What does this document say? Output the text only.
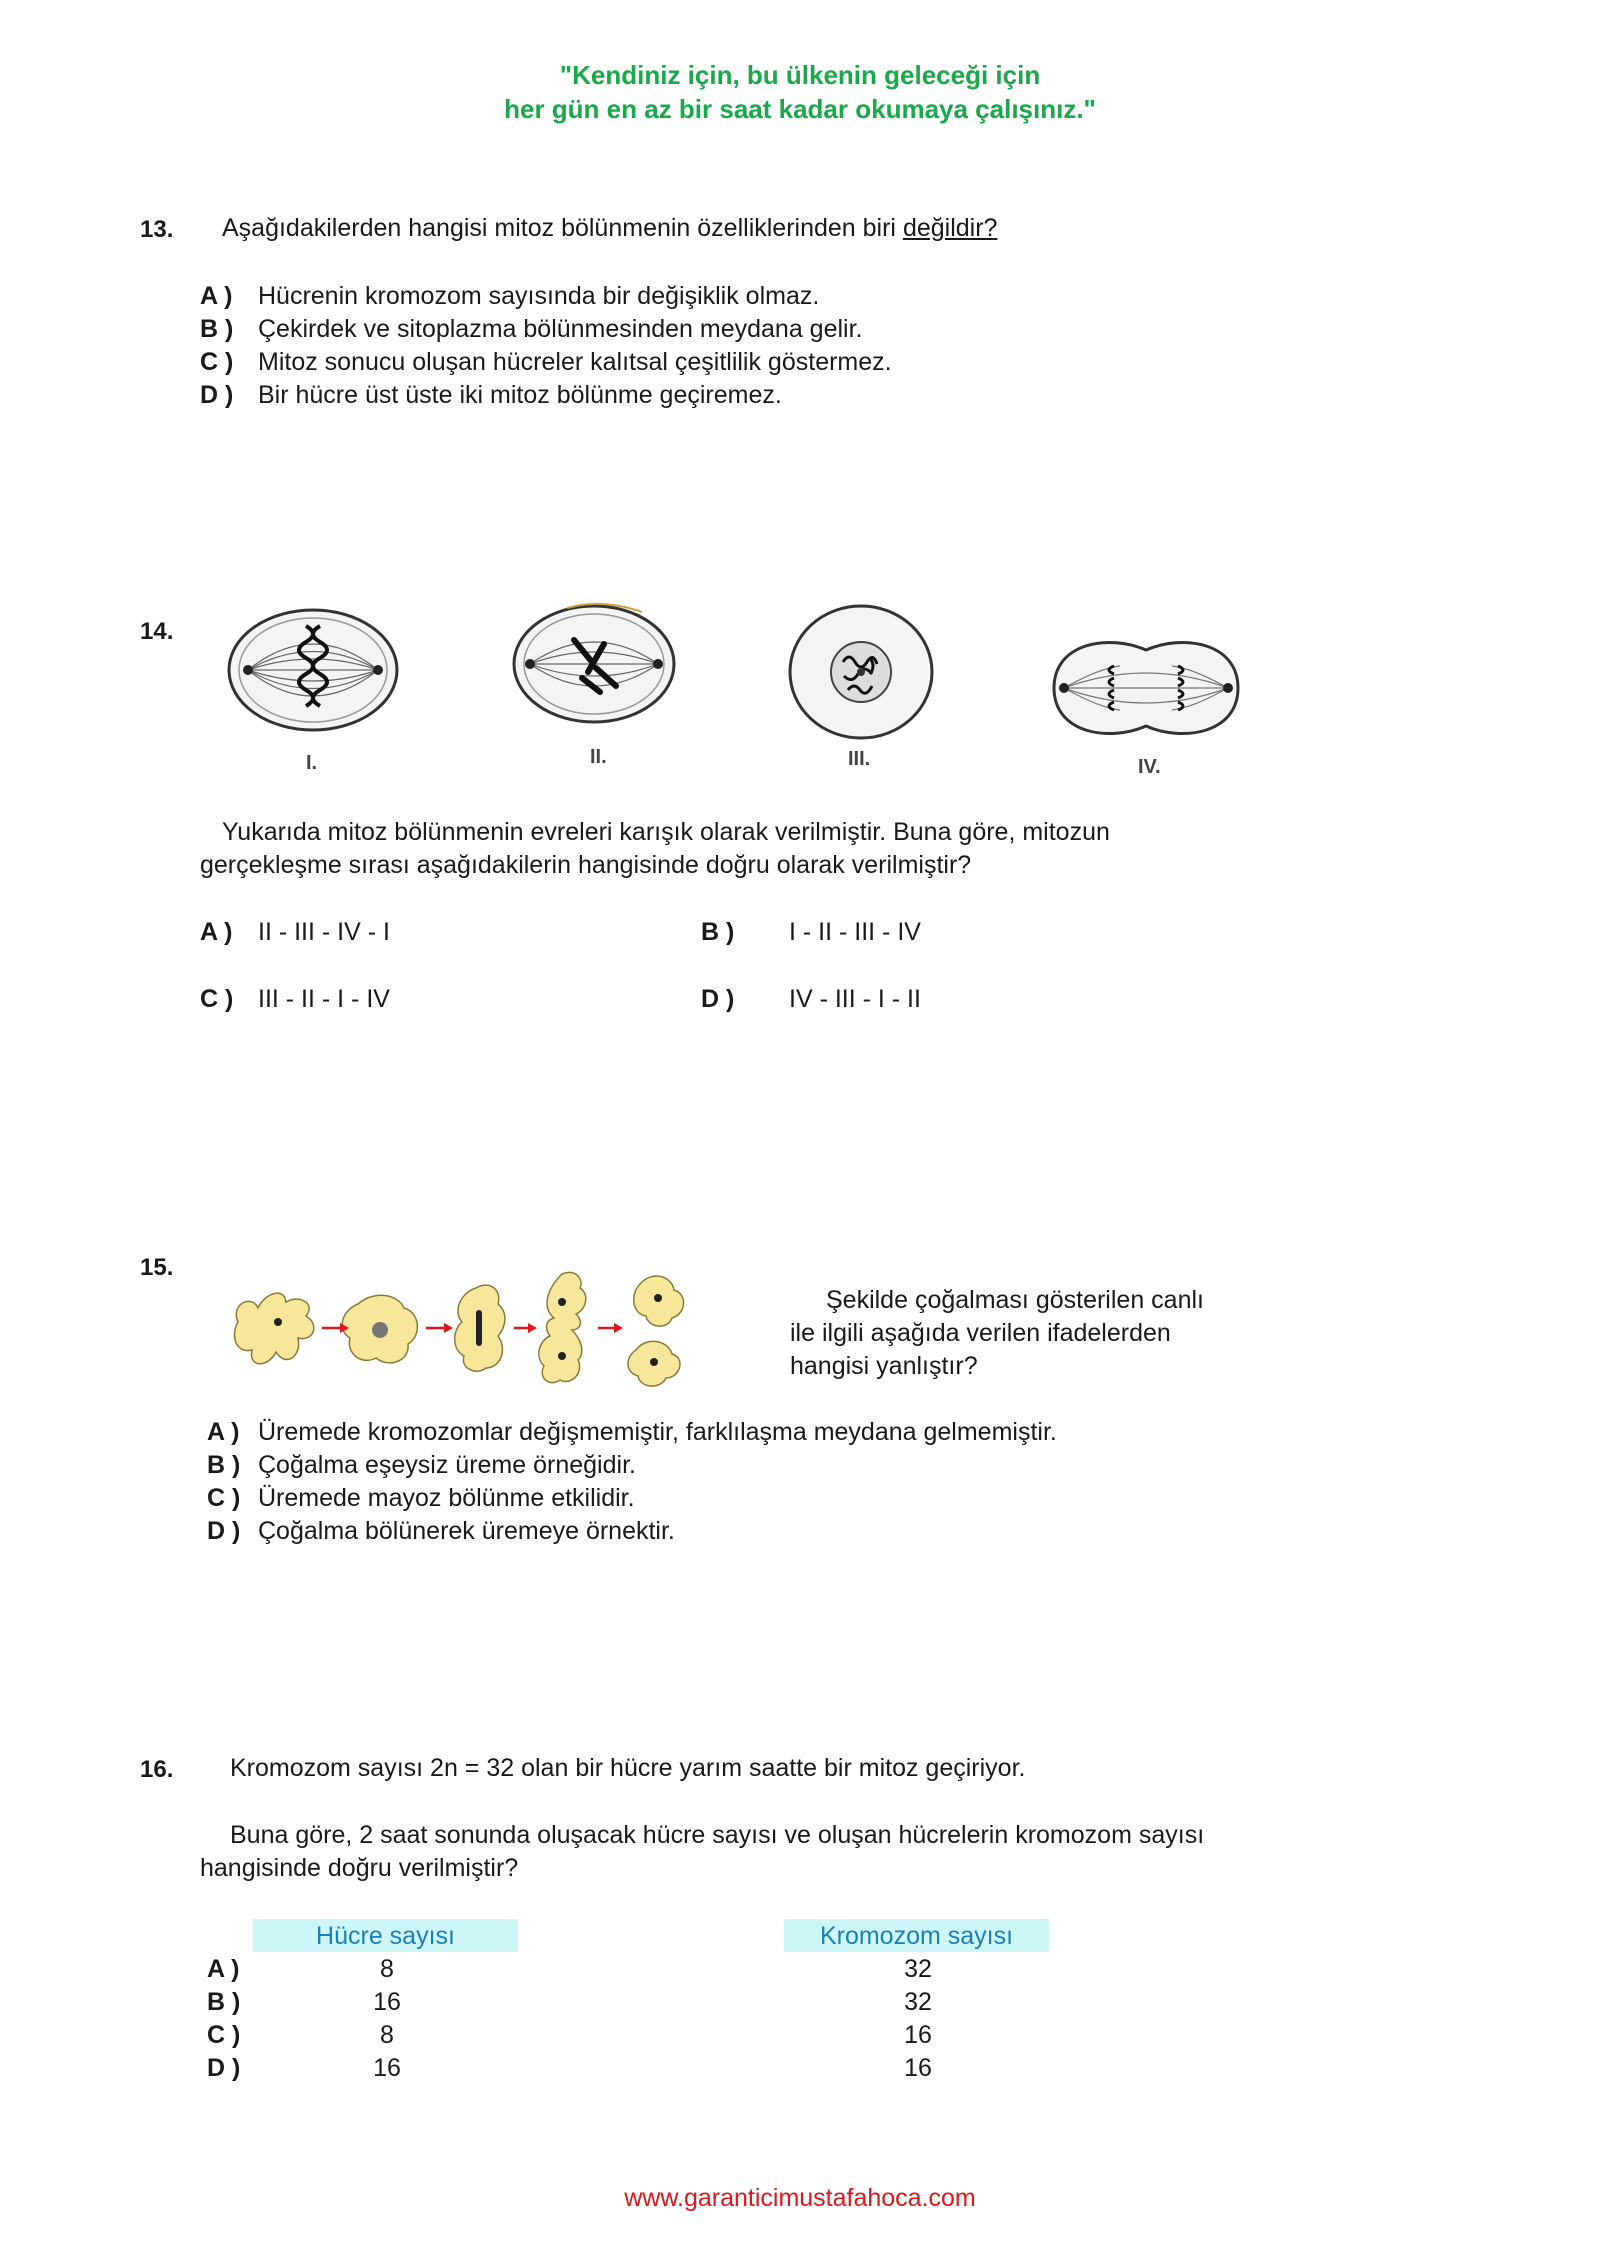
"Kendiniz için, bu ülkenin geleceği için
her gün en az bir saat kadar okumaya çalışınız."
13. Aşağıdakilerden hangisi mitoz bölünmenin özelliklerinden biri değildir?
A ) Hücrenin kromozom sayısında bir değişiklik olmaz.
B ) Çekirdek ve sitoplazma bölünmesinden meydana gelir.
C ) Mitoz sonucu oluşan hücreler kalıtsal çeşitlilik göstermez.
D ) Bir hücre üst üste iki mitoz bölünme geçiremez.
14.
I.	II.	III.	IV.
Yukarıda mitoz bölünmenin evreleri karışık olarak verilmiştir. Buna göre, mitozun
gerçekleşme sırası aşağıdakilerin hangisinde doğru olarak verilmiştir?
A ) II - III - IV - I	B ) I - II - III - IV
C ) III - II - I - IV	D ) IV - III - I - II
15.
Şekilde çoğalması gösterilen canlı
ile ilgili aşağıda verilen ifadelerden
hangisi yanlıştır?
A ) Üremede kromozomlar değişmemiştir, farklılaşma meydana gelmemiştir.
B ) Çoğalma eşeysiz üreme örneğidir.
C ) Üremede mayoz bölünme etkilidir.
D ) Çoğalma bölünerek üremeye örnektir.
16. Kromozom sayısı 2n = 32 olan bir hücre yarım saatte bir mitoz geçiriyor.
Buna göre, 2 saat sonunda oluşacak hücre sayısı ve oluşan hücrelerin kromozom sayısı
hangisinde doğru verilmiştir?
Hücre sayısı	Kromozom sayısı
A )	8	32
B )	16	32
C )	8	16
D )	16	16
www.garanticimustafahoca.com
